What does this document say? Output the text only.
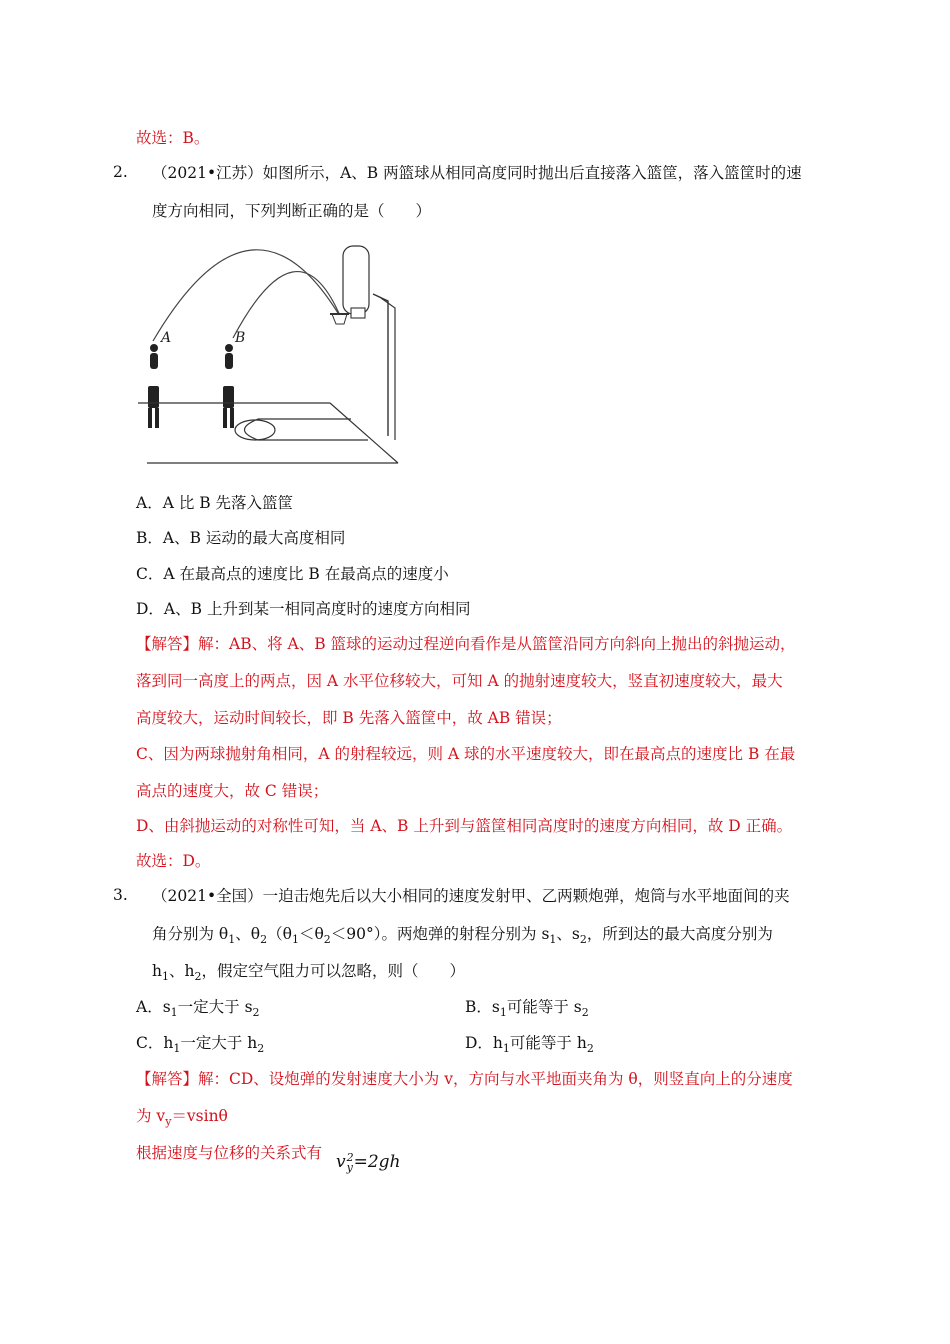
故选：B。
2. （2021•江苏）如图所示，A、B 两篮球从相同高度同时抛出后直接落入篮筐，落入篮筐时的速
度方向相同，下列判断正确的是（　　）
A	B
A．A 比 B 先落入篮筐
B．A、B 运动的最大高度相同
C．A 在最高点的速度比 B 在最高点的速度小
D．A、B 上升到某一相同高度时的速度方向相同
【解答】解：AB、将 A、B 篮球的运动过程逆向看作是从篮筐沿同方向斜向上抛出的斜抛运动，
落到同一高度上的两点，因 A 水平位移较大，可知 A 的抛射速度较大，竖直初速度较大，最大
高度较大，运动时间较长，即 B 先落入篮筐中，故 AB 错误；
C、因为两球抛射角相同，A 的射程较远，则 A 球的水平速度较大，即在最高点的速度比 B 在最
高点的速度大，故 C 错误；
D、由斜抛运动的对称性可知，当 A、B 上升到与篮筐相同高度时的速度方向相同，故 D 正确。
故选：D。
3. （2021•全国）一迫击炮先后以大小相同的速度发射甲、乙两颗炮弹，炮筒与水平地面间的夹
角分别为 $\theta_1$、$\theta_2(\theta_1<\theta_2<90^\circ)$。两炮弹的射程分别为 $s_1$、$s_2$，所到达的最大高度分别为
$h_1$、$h_2$，假定空气阻力可以忽略，则（　　）
A．$s_1$一定大于 $s_2$	B．$s_1$可能等于 $s_2$
C．$h_1$一定大于 $h_2$	D．$h_1$可能等于 $h_2$
【解答】解：CD、设炮弹的发射速度大小为 v，方向与水平地面夹角为 θ，则竖直向上的分速度
为 $v_y=vsin\theta$
根据速度与位移的关系式有 v 2
y =2gh
